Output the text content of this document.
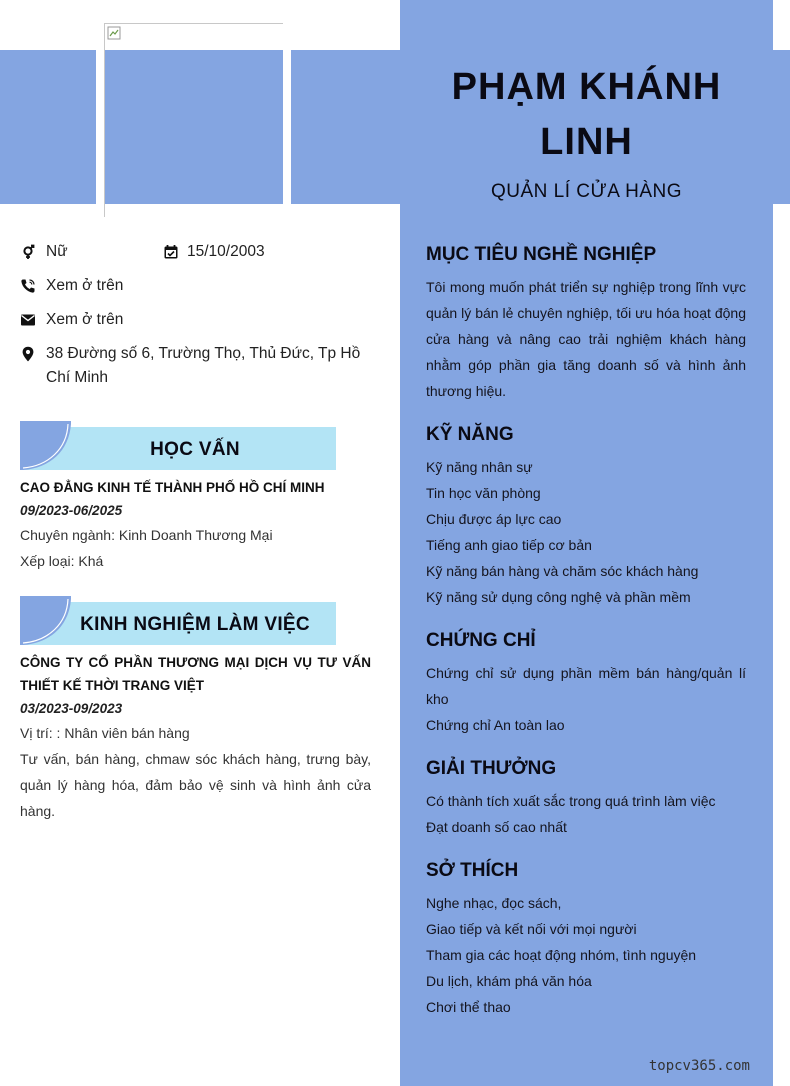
PHẠM KHÁNH LINH
QUẢN LÍ CỬA HÀNG
MỤC TIÊU NGHỀ NGHIỆP
Tôi mong muốn phát triển sự nghiệp trong lĩnh vực quản lý bán lẻ chuyên nghiệp, tối ưu hóa hoạt động cửa hàng và nâng cao trải nghiệm khách hàng nhằm góp phần gia tăng doanh số và hình ảnh thương hiệu.
KỸ NĂNG
Kỹ năng nhân sự
Tin học văn phòng
Chịu được áp lực cao
Tiếng anh giao tiếp cơ bản
Kỹ năng bán hàng và chăm sóc khách hàng
Kỹ năng sử dụng công nghệ và phần mềm
CHỨNG CHỈ
Chứng chỉ sử dụng phần mềm bán hàng/quản lí kho
Chứng chỉ An toàn lao
GIẢI THƯỞNG
Có thành tích xuất sắc trong quá trình làm việc
Đạt doanh số cao nhất
SỞ THÍCH
Nghe nhạc, đọc sách,
Giao tiếp và kết nối với mọi người
Tham gia các hoạt động nhóm, tình nguyện
Du lịch, khám phá văn hóa
Chơi thể thao
topcv365.com
Nữ	15/10/2003
Xem ở trên
Xem ở trên
38 Đường số 6, Trường Thọ, Thủ Đức, Tp Hồ Chí Minh
HỌC VẤN
CAO ĐẲNG KINH TẾ THÀNH PHỐ HỒ CHÍ MINH
09/2023-06/2025
Chuyên ngành: Kinh Doanh Thương Mại
Xếp loại: Khá
KINH NGHIỆM LÀM VIỆC
CÔNG TY CỔ PHẦN THƯƠNG MẠI DỊCH VỤ TƯ VẤN THIẾT KẾ THỜI TRANG VIỆT
03/2023-09/2023
Vị trí: : Nhân viên bán hàng
Tư vấn, bán hàng, chmaw sóc khách hàng, trưng bày, quản lý hàng hóa, đảm bảo vệ sinh và hình ảnh cửa hàng.
